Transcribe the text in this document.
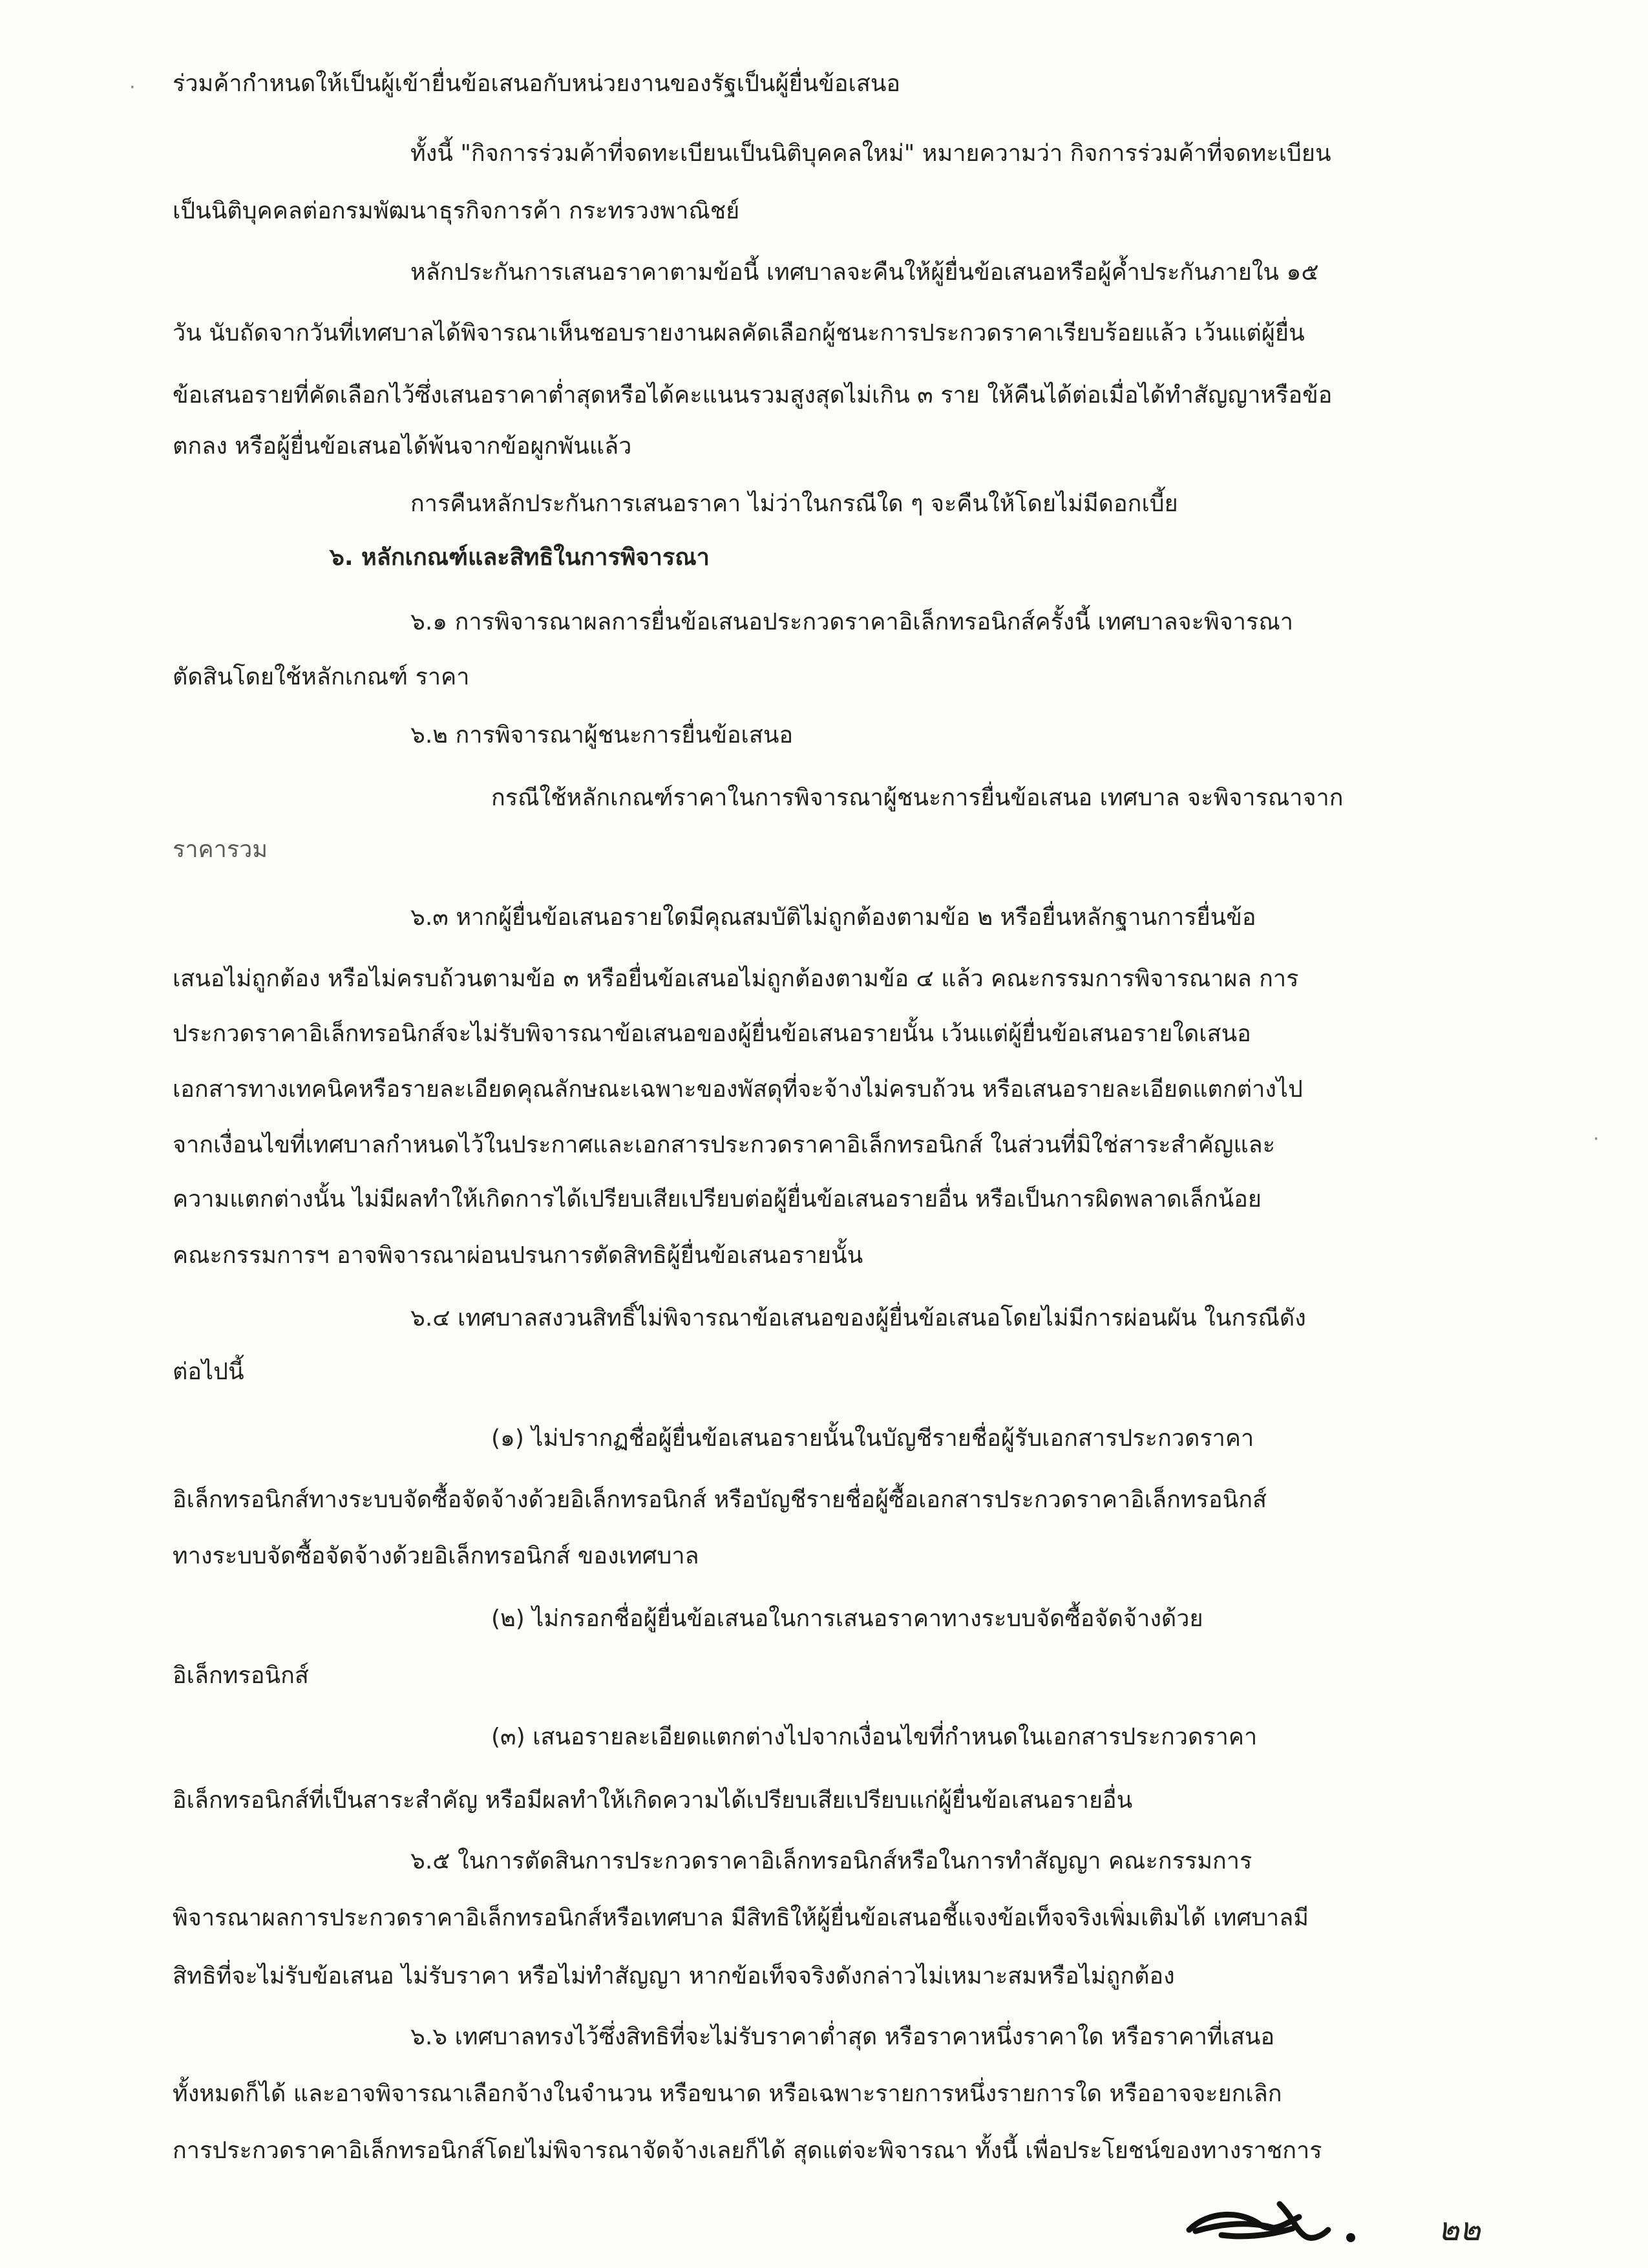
ร่วมค้ากำหนดให้เป็นผู้เข้ายื่นข้อเสนอกับหน่วยงานของรัฐเป็นผู้ยื่นข้อเสนอ
ทั้งนี้ "กิจการร่วมค้าที่จดทะเบียนเป็นนิติบุคคลใหม่" หมายความว่า กิจการร่วมค้าที่จดทะเบียน
เป็นนิติบุคคลต่อกรมพัฒนาธุรกิจการค้า กระทรวงพาณิชย์
หลักประกันการเสนอราคาตามข้อนี้ เทศบาลจะคืนให้ผู้ยื่นข้อเสนอหรือผู้ค้ำประกันภายใน ๑๕
วัน นับถัดจากวันที่เทศบาลได้พิจารณาเห็นชอบรายงานผลคัดเลือกผู้ชนะการประกวดราคาเรียบร้อยแล้ว เว้นแต่ผู้ยื่น
ข้อเสนอรายที่คัดเลือกไว้ซึ่งเสนอราคาต่ำสุดหรือได้คะแนนรวมสูงสุดไม่เกิน ๓ ราย ให้คืนได้ต่อเมื่อได้ทำสัญญาหรือข้อ
ตกลง หรือผู้ยื่นข้อเสนอได้พ้นจากข้อผูกพันแล้ว
การคืนหลักประกันการเสนอราคา ไม่ว่าในกรณีใด ๆ จะคืนให้โดยไม่มีดอกเบี้ย
๖. หลักเกณฑ์และสิทธิในการพิจารณา
๖.๑ การพิจารณาผลการยื่นข้อเสนอประกวดราคาอิเล็กทรอนิกส์ครั้งนี้ เทศบาลจะพิจารณา
ตัดสินโดยใช้หลักเกณฑ์ ราคา
๖.๒ การพิจารณาผู้ชนะการยื่นข้อเสนอ
กรณีใช้หลักเกณฑ์ราคาในการพิจารณาผู้ชนะการยื่นข้อเสนอ เทศบาล จะพิจารณาจาก
ราคารวม
๖.๓ หากผู้ยื่นข้อเสนอรายใดมีคุณสมบัติไม่ถูกต้องตามข้อ ๒ หรือยื่นหลักฐานการยื่นข้อ
เสนอไม่ถูกต้อง หรือไม่ครบถ้วนตามข้อ ๓ หรือยื่นข้อเสนอไม่ถูกต้องตามข้อ ๔ แล้ว คณะกรรมการพิจารณาผล การ
ประกวดราคาอิเล็กทรอนิกส์จะไม่รับพิจารณาข้อเสนอของผู้ยื่นข้อเสนอรายนั้น เว้นแต่ผู้ยื่นข้อเสนอรายใดเสนอ
เอกสารทางเทคนิคหรือรายละเอียดคุณลักษณะเฉพาะของพัสดุที่จะจ้างไม่ครบถ้วน หรือเสนอรายละเอียดแตกต่างไป
จากเงื่อนไขที่เทศบาลกำหนดไว้ในประกาศและเอกสารประกวดราคาอิเล็กทรอนิกส์ ในส่วนที่มิใช่สาระสำคัญและ
ความแตกต่างนั้น ไม่มีผลทำให้เกิดการได้เปรียบเสียเปรียบต่อผู้ยื่นข้อเสนอรายอื่น หรือเป็นการผิดพลาดเล็กน้อย
คณะกรรมการฯ อาจพิจารณาผ่อนปรนการตัดสิทธิผู้ยื่นข้อเสนอรายนั้น
๖.๔ เทศบาลสงวนสิทธิ์ไม่พิจารณาข้อเสนอของผู้ยื่นข้อเสนอโดยไม่มีการผ่อนผัน ในกรณีดัง
ต่อไปนี้
(๑) ไม่ปรากฏชื่อผู้ยื่นข้อเสนอรายนั้นในบัญชีรายชื่อผู้รับเอกสารประกวดราคา
อิเล็กทรอนิกส์ทางระบบจัดซื้อจัดจ้างด้วยอิเล็กทรอนิกส์ หรือบัญชีรายชื่อผู้ซื้อเอกสารประกวดราคาอิเล็กทรอนิกส์
ทางระบบจัดซื้อจัดจ้างด้วยอิเล็กทรอนิกส์ ของเทศบาล
(๒) ไม่กรอกชื่อผู้ยื่นข้อเสนอในการเสนอราคาทางระบบจัดซื้อจัดจ้างด้วย
อิเล็กทรอนิกส์
(๓) เสนอรายละเอียดแตกต่างไปจากเงื่อนไขที่กำหนดในเอกสารประกวดราคา
อิเล็กทรอนิกส์ที่เป็นสาระสำคัญ หรือมีผลทำให้เกิดความได้เปรียบเสียเปรียบแก่ผู้ยื่นข้อเสนอรายอื่น
๖.๕ ในการตัดสินการประกวดราคาอิเล็กทรอนิกส์หรือในการทำสัญญา คณะกรรมการ
พิจารณาผลการประกวดราคาอิเล็กทรอนิกส์หรือเทศบาล มีสิทธิให้ผู้ยื่นข้อเสนอชี้แจงข้อเท็จจริงเพิ่มเติมได้ เทศบาลมี
สิทธิที่จะไม่รับข้อเสนอ ไม่รับราคา หรือไม่ทำสัญญา หากข้อเท็จจริงดังกล่าวไม่เหมาะสมหรือไม่ถูกต้อง
๖.๖ เทศบาลทรงไว้ซึ่งสิทธิที่จะไม่รับราคาต่ำสุด หรือราคาหนึ่งราคาใด หรือราคาที่เสนอ
ทั้งหมดก็ได้ และอาจพิจารณาเลือกจ้างในจำนวน หรือขนาด หรือเฉพาะรายการหนึ่งรายการใด หรืออาจจะยกเลิก
การประกวดราคาอิเล็กทรอนิกส์โดยไม่พิจารณาจัดจ้างเลยก็ได้ สุดแต่จะพิจารณา ทั้งนี้ เพื่อประโยชน์ของทางราชการ
·
·
๒๒
